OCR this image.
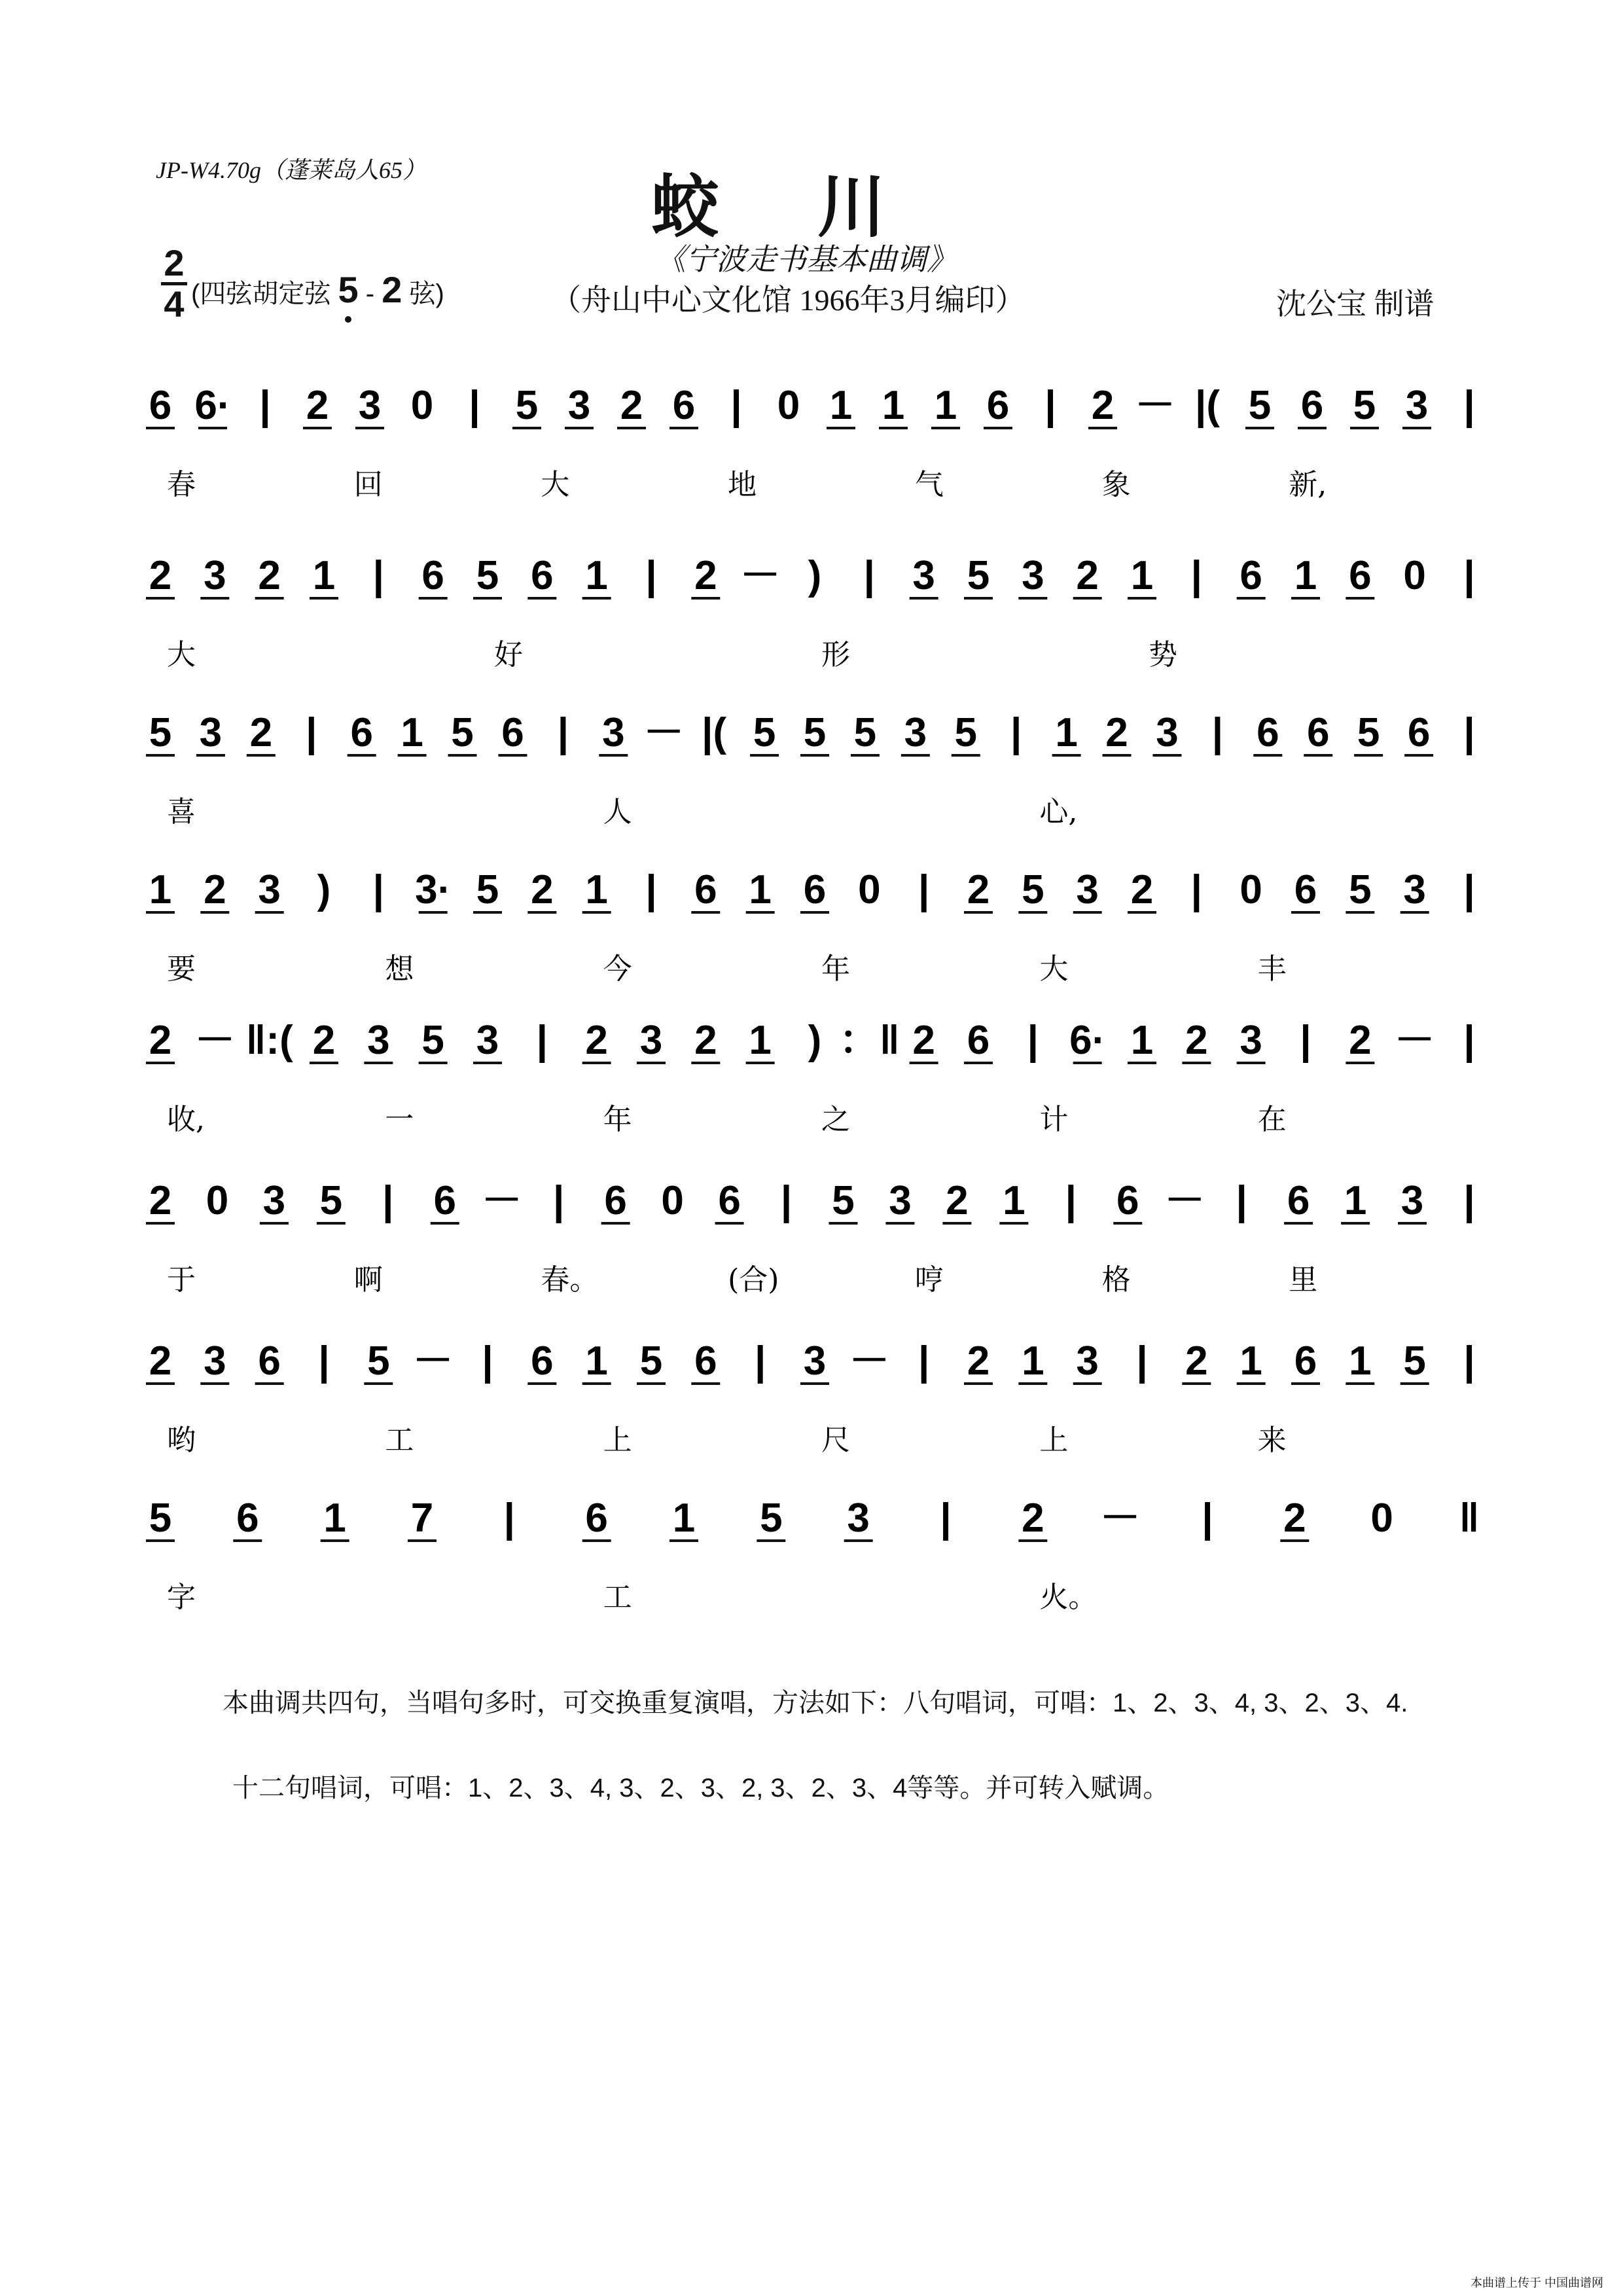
JP-W4.70g（蓬莱岛人65）	蛟川
《宁波走书基本曲调》
（舟山中心文化馆 1966年3月编印）	沈公宝 制谱
2
4 (四弦胡定弦 5 - 2 弦)
6 6· | 2 3 0 | 5 3 2 6 | 0 1 1 1 6 | 2 － |( 5 6 5 3 |
春	回	大	地	气	象	新,
2 3 2 1 | 6 5 6 1 | 2 － ) | 3 5 3 2 1 | 6 1 6 0 |
大	好	形	势
5 3 2 | 6 1 5 6 | 3 － |( 5 5 5 3 5 | 1 2 3 | 6 6 5 6 |
喜	人	心,
1 2 3 ) | 3· 5 2 1 | 6 1 6 0 | 2 5 3 2 | 0 6 5 3 |
要	想	今	年	大	丰
2 － ‖:( 2 3 5 3 | 2 3 2 1 ) ：‖ 2 6 | 6· 1 2 3 | 2 － |
收,	一	年	之	计	在
2 0 3 5 | 6 － | 6 0 6 | 5 3 2 1 | 6 － | 6 1 3 |
于	啊	春。	(合)	哼	格	里
2 3 6 | 5 － | 6 1 5 6 | 3 － | 2 1 3 | 2 1 6 1 5 |
哟	工	上	尺	上	来
5 6 1 7 | 6 1 5 3 | 2 － | 2 0 ‖
字	工	火。
本曲调共四句，当唱句多时，可交换重复演唱，方法如下：八句唱词，可唱：1、2、3、4, 3、2、3、4.
十二句唱词，可唱：1、2、3、4, 3、2、3、2, 3、2、3、4等等。并可转入赋调。
本曲谱上传于 中国曲谱网
